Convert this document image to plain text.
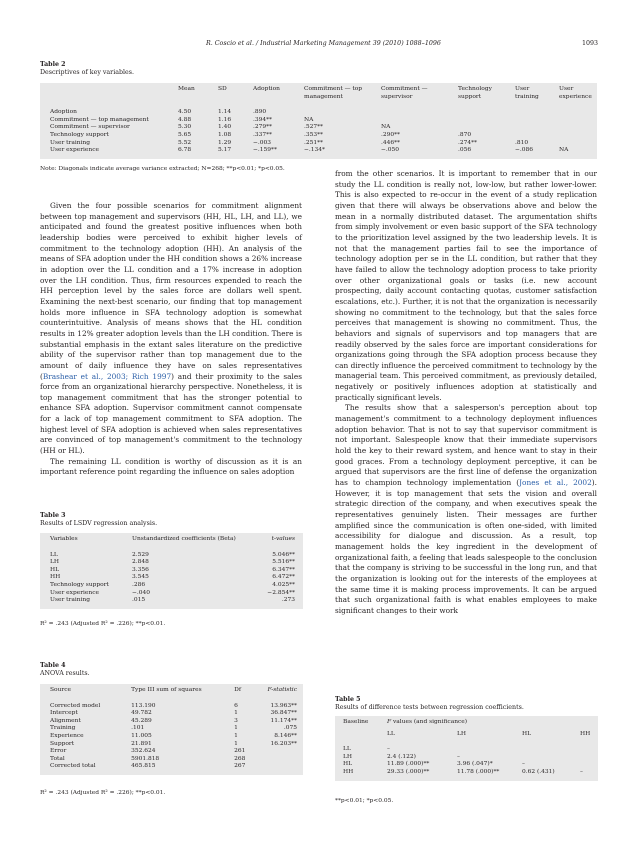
R. Coscio et al. / Industrial Marketing Management 39 (2010) 1088–1096	1093
Table 2
Descriptives of key variables.
	Mean	SD	Adoption	Commitment — top management	Commitment — supervisor	Technology support	User training	User experience
Adoption	4.50	1.14	.890					
Commitment — top management	4.88	1.16	.394**	NA				
Commitment — supervisor	5.30	1.40	.279**	.527**	NA			
Technology support	5.65	1.08	.337**	.353**	.290**	.870		
User training	5.52	1.29	−.003	.251**	.446**	.274**	.810	
User experience	6.78	5.17	−.159**	−.134*	−.050	.056	−.086	NA
Note: Diagonals indicate average variance extracted; N=268; **p<0.01; *p<0.05.

Given the four possible scenarios for commitment alignment between top management and supervisors (HH, HL, LH, and LL), we anticipated and found the greatest positive influences when both leadership bodies were perceived to exhibit higher levels of commitment to the technology adoption (HH). An analysis of the means of SFA adoption under the HH condition shows a 26% increase in adoption over the LL condition and a 17% increase in adoption over the LH condition. Thus, firm resources expended to reach the HH perception level by the sales force are dollars well spent. Examining the next-best scenario, our finding that top management holds more influence in SFA technology adoption is somewhat counterintuitive. Analysis of means shows that the HL condition results in 12% greater adoption levels than the LH condition. There is substantial emphasis in the extant sales literature on the predictive ability of the supervisor rather than top management due to the amount of daily influence they have on sales representatives (Brashear et al., 2003; Rich 1997) and their proximity to the sales force from an organizational hierarchy perspective. Nonetheless, it is top management commitment that has the stronger potential to enhance SFA adoption. Supervisor commitment cannot compensate for a lack of top management commitment to SFA adoption. The highest level of SFA adoption is achieved when sales representatives are convinced of top management's commitment to the technology (HH or HL).

The remaining LL condition is worthy of discussion as it is an important reference point regarding the influence on sales adoption

from the other scenarios. It is important to remember that in our study the LL condition is really not, low-low, but rather lower-lower. This is also expected to re-occur in the event of a study replication given that there will always be observations above and below the mean in a normally distributed dataset. The argumentation shifts from simply involvement or even basic support of the SFA technology to the prioritization level assigned by the two leadership levels. It is not that the management parties fail to see the importance of technology adoption per se in the LL condition, but rather that they have failed to allow the technology adoption process to take priority over other organizational goals or tasks (i.e. new account prospecting, daily account contacting quotas, customer satisfaction escalations, etc.). Further, it is not that the organization is necessarily showing no commitment to the technology, but that the sales force perceives that management is showing no commitment. Thus, the behaviors and signals of supervisors and top managers that are readily observed by the sales force are important considerations for organizations going through the SFA adoption process because they can directly influence the perceived commitment to technology by the managerial team. This perceived commitment, as previously detailed, negatively or positively influences adoption at statistically and practically significant levels.

The results show that a salesperson's perception about top management's commitment to a technology deployment influences adoption behavior. That is not to say that supervisor commitment is not important. Salespeople know that their immediate supervisors hold the key to their reward system, and hence want to stay in their good graces. From a technology deployment perceptive, it can be argued that supervisors are the first line of defense the organization has to champion technology implementation (Jones et al., 2002). However, it is top management that sets the vision and overall strategic direction of the company, and when executives speak the representatives genuinely listen. Their messages are further amplified since the communication is often one-sided, with limited accessibility for dialogue and discussion. As a result, top management holds the key ingredient in the development of organizational faith, a feeling that leads salespeople to the conclusion that the company is striving to be successful in the long run, and that the organization is looking out for the interests of the employees at the same time it is making process improvements. It can be argued that such organizational faith is what enables employees to make significant changes to their work

Table 3
Results of LSDV regression analysis.
Variables	Unstandardized coefficients (Beta)	t-values
LL	2.529	5.046**
LH	2.848	5.516**
HL	3.356	6.347**
HH	3.545	6.472**
Technology support	.286	4.025**
User experience	−.040	−2.854**
User training	.015	.273
R² = .243 (Adjusted R² = .226); **p<0.01.
Table 4
ANOVA results.
Source	Type III sum of squares	Df	F-statistic
Corrected model	113.190	6	13.963**
Intercept	49.782	1	36.847**
Alignment	45.289	3	11.174**
Training	.101	1	.075
Experience	11.005	1	8.146**
Support	21.891	1	16.203**
Error	352.624	261	
Total	5901.818	268	
Corrected total	465.815	267	
R² = .243 (Adjusted R² = .226); **p<0.01.
Table 5
Results of difference tests between regression coefficients.
Baseline	F values (and significance)			
	LL	LH	HL	HH
LL	–			
LH	2.4 (.122)	–		
HL	11.89 (.000)**	3.96 (.047)*	–	
HH	29.33 (.000)**	11.78 (.000)**	0.62 (.431)	–
**p<0.01; *p<0.05.
